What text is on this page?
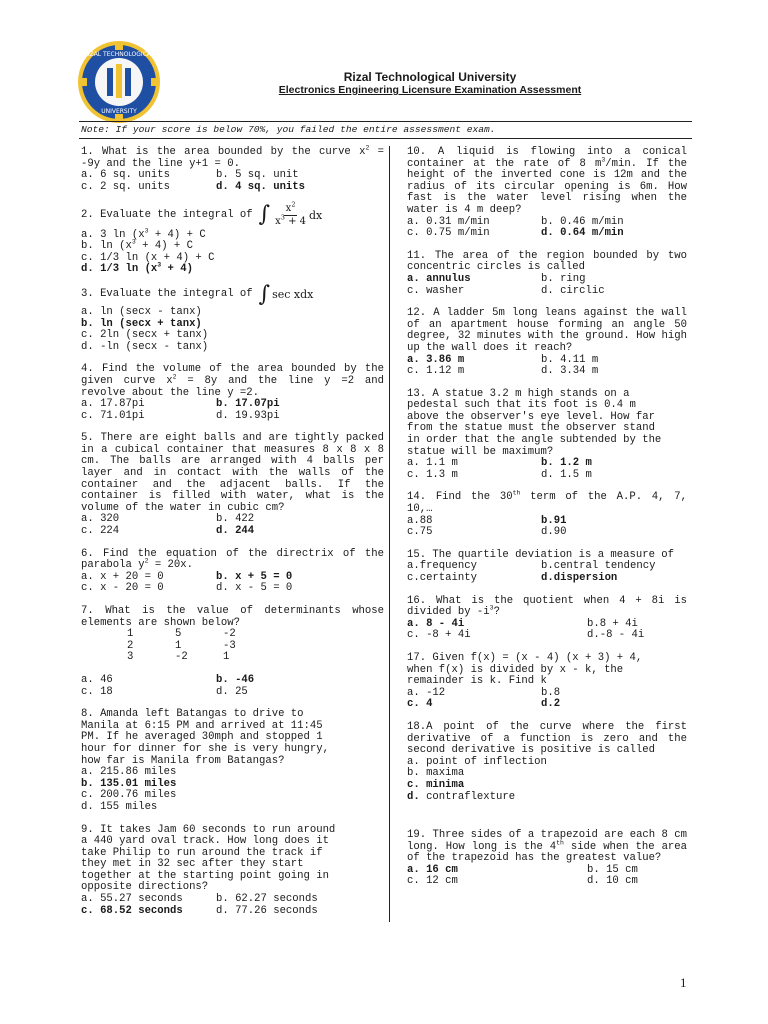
RIZAL TECHNOLOGICAL
UNIVERSITY
Rizal Technological University
Electronics Engineering Licensure Examination Assessment
Note: If your score is below 70%, you failed the entire assessment exam.
1. What is the area bounded by the curve $x^2 = -9y$ and the line y+1 = 0.
a. 6 sq. units	b. 5 sq. unit
c. 2 sq. units	d. 4 sq. units
2. Evaluate the integral of ∫ $\frac{x^2}{x^3 + 4}$ dx
a. 3 $\ln (x^3 + 4) + C$
b. $\ln (x^3 + 4) + C$
c. 1/3 ln (x + 4) + C
d. 1/3 $\ln (x^3 + 4)$
3. Evaluate the integral of ∫ sec xdx
a. ln (secx - tanx)
b. ln (secx + tanx)
c. 2ln (secx + tanx)
d. -ln (secx - tanx)
4. Find the volume of the area bounded by the given curve $x^2 = 8y$ and the line y =2 and revolve about the line y =2.
a. 17.87pi	b. 17.07pi
c. 71.01pi	d. 19.93pi
5. There are eight balls and are tightly packed in a cubical container that measures 8 x 8 x 8 cm. The balls are arranged with 4 balls per layer and in contact with the walls of the container and the adjacent balls. If the container is filled with water, what is the volume of the water in cubic cm?
a. 320	b. 422
c. 224	d. 244
6. Find the equation of the directrix of the parabola $y^2 = 20x$.
a. x + 20 = 0	b. x + 5 = 0
c. x - 20 = 0	d. x - 5 = 0
7. What is the value of determinants whose elements are shown below?
1	5	-2
2	1	-3
3	-2	1
a. 46	b. -46
c. 18	d. 25
8. Amanda left Batangas to drive to
Manila at 6:15 PM and arrived at 11:45
PM. If he averaged 30mph and stopped 1
hour for dinner for she is very hungry,
how far is Manila from Batangas?
a. 215.86 miles
b. 135.01 miles
c. 200.76 miles
d. 155 miles
9. It takes Jam 60 seconds to run around
a 440 yard oval track. How long does it
take Philip to run around the track if
they met in 32 sec after they start
together at the starting point going in
opposite directions?
a. 55.27 seconds	b. 62.27 seconds
c. 68.52 seconds	d. 77.26 seconds
10. A liquid is flowing into a conical container at the rate of 8 $m^3/\min$. If the height of the inverted cone is 12m and the radius of its circular opening is 6m. How fast is the water level rising when the water is 4 m deep?
a. 0.31 m/min	b. 0.46 m/min
c. 0.75 m/min	d. 0.64 m/min
11. The area of the region bounded by two concentric circles is called
a. annulus	b. ring
c. washer	d. circlic
12. A ladder 5m long leans against the wall of an apartment house forming an angle 50 degree, 32 minutes with the ground. How high up the wall does it reach?
a. 3.86 m	b. 4.11 m
c. 1.12 m	d. 3.34 m
13. A statue 3.2 m high stands on a
pedestal such that its foot is 0.4 m
above the observer's eye level. How far
from the statue must the observer stand
in order that the angle subtended by the
statue will be maximum?
a. 1.1 m	b. 1.2 m
c. 1.3 m	d. 1.5 m
14. Find the 30th term of the A.P. 4, 7, 10,…
a.88	b.91
c.75	d.90
15. The quartile deviation is a measure of
a.frequency	b.central tendency
c.certainty	d.dispersion
16. What is the quotient when 4 + 8i is divided by $-i^3$?
a. 8 - 4i	b.8 + 4i
c. -8 + 4i	d.-8 - 4i
17. Given f(x) = (x - 4) (x + 3) + 4,
when f(x) is divided by x - k, the
remainder is k. Find k
a. -12	b.8
c. 4	d.2
18.A point of the curve where the first derivative of a function is zero and the second derivative is positive is called
a. point of inflection
b. maxima
c. minima
d. contraflexture
19. Three sides of a trapezoid are each 8 cm long. How long is the 4th side when the area of the trapezoid has the greatest value?
a. 16 cm	b. 15 cm
c. 12 cm	d. 10 cm
1
